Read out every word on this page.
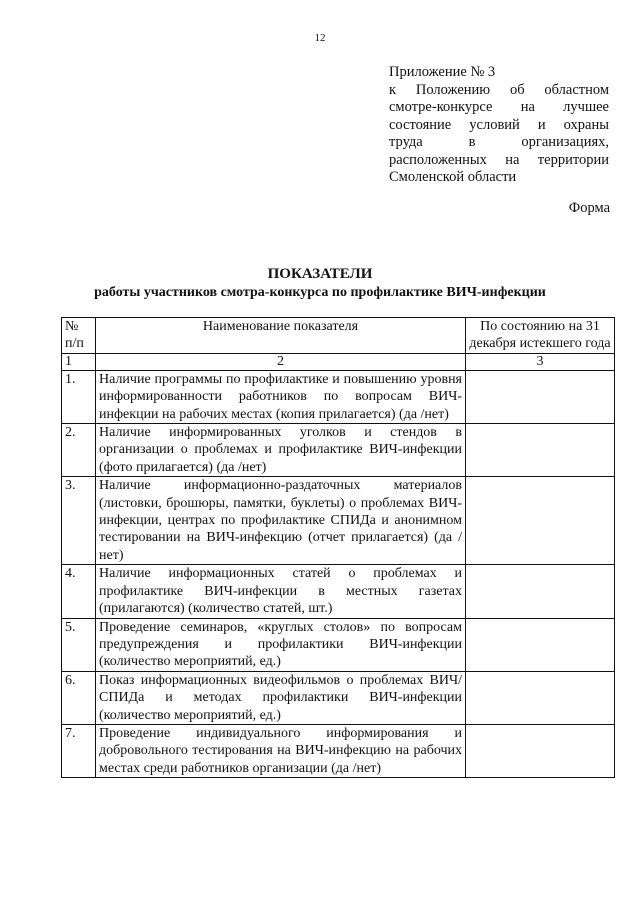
12
Приложение № 3
к Положению об областном
смотре-конкурсе на лучшее
состояние условий и охраны
труда в организациях,
расположенных на территории
Смоленской области
Форма
ПОКАЗАТЕЛИ
работы участников смотра-конкурса по профилактике ВИЧ-инфекции
№ п/п	Наименование показателя	По состоянию на 31 декабря истекшего года
1	2	3
1.	Наличие программы по профилактике и повышению уровня информированности работников по вопросам ВИЧ-инфекции на рабочих местах (копия прилагается) (да /нет)	
2.	Наличие информированных уголков и стендов в организации о проблемах и профилактике ВИЧ-инфекции (фото прилагается) (да /нет)	
3.	Наличие информационно-раздаточных материалов (листовки, брошюры, памятки, буклеты) о проблемах ВИЧ-инфекции, центрах по профилактике СПИДа и анонимном тестировании на ВИЧ-инфекцию (отчет прилагается) (да /нет)	
4.	Наличие информационных статей о проблемах и профилактике ВИЧ-инфекции в местных газетах (прилагаются) (количество статей, шт.)	
5.	Проведение семинаров, «круглых столов» по вопросам предупреждения и профилактики ВИЧ-инфекции (количество мероприятий, ед.)	
6.	Показ информационных видеофильмов о проблемах ВИЧ/СПИДа и методах профилактики ВИЧ-инфекции (количество мероприятий, ед.)	
7.	Проведение индивидуального информирования и добровольного тестирования на ВИЧ-инфекцию на рабочих местах среди работников организации (да /нет)	
